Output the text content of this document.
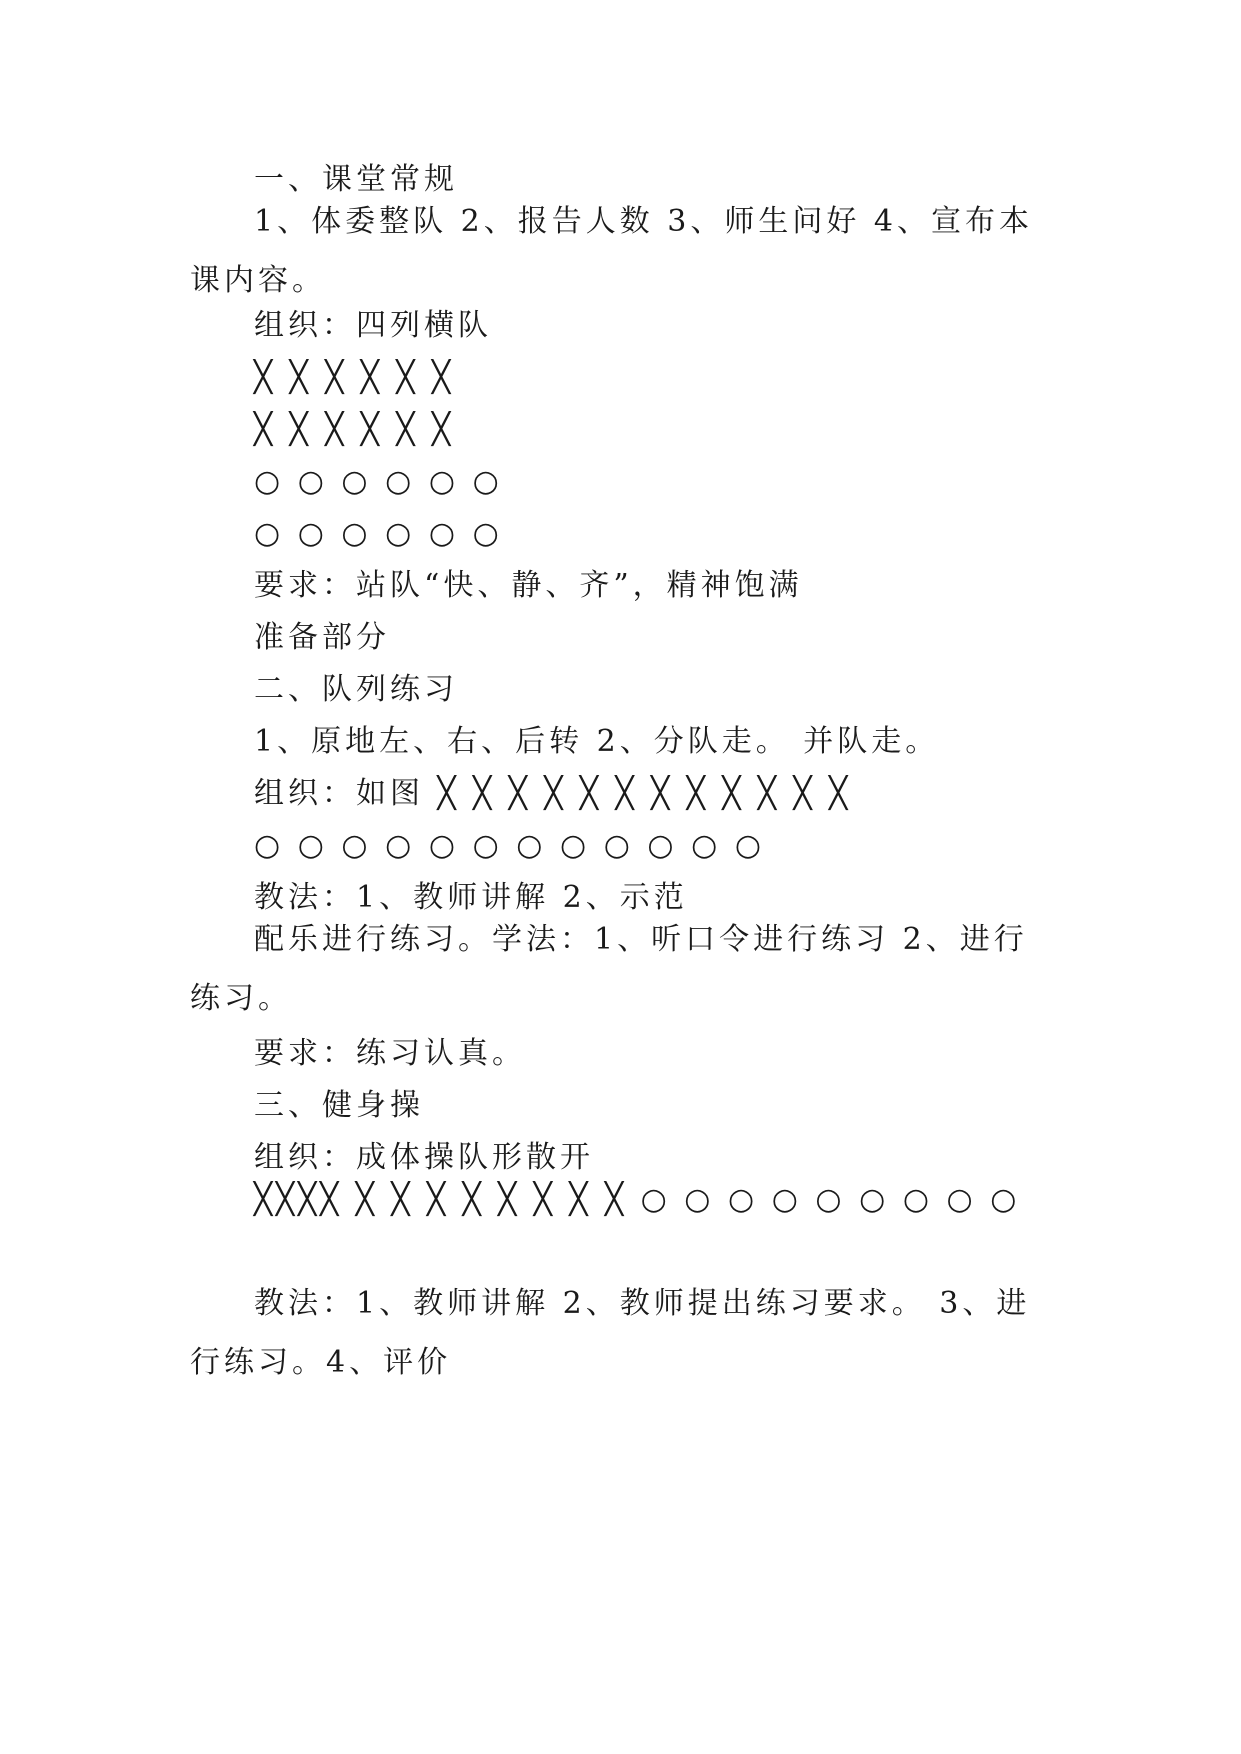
一、课堂常规

1、体委整队 2、报告人数 3、师生问好 4、宣布本课内容。

组织：四列横队

╳ ╳ ╳ ╳ ╳ ╳

╳ ╳ ╳ ╳ ╳ ╳

○ ○ ○ ○ ○ ○

○ ○ ○ ○ ○ ○

要求：站队“快、静、齐”，精神饱满

准备部分

二、队列练习

1、原地左、右、后转 2、分队走。 并队走。

组织：如图 ╳ ╳ ╳ ╳ ╳ ╳ ╳ ╳ ╳ ╳ ╳ ╳

○ ○ ○ ○ ○ ○ ○ ○ ○ ○ ○ ○

教法：1、教师讲解 2、示范

配乐进行练习。学法：1、听口令进行练习 2、进行练习。

要求：练习认真。

三、健身操

组织：成体操队形散开

╳╳╳╳ ╳ ╳ ╳ ╳ ╳ ╳ ╳ ╳ ○ ○ ○ ○ ○ ○ ○ ○ ○

教法：1、教师讲解 2、教师提出练习要求。 3、进行练习。4、评价
